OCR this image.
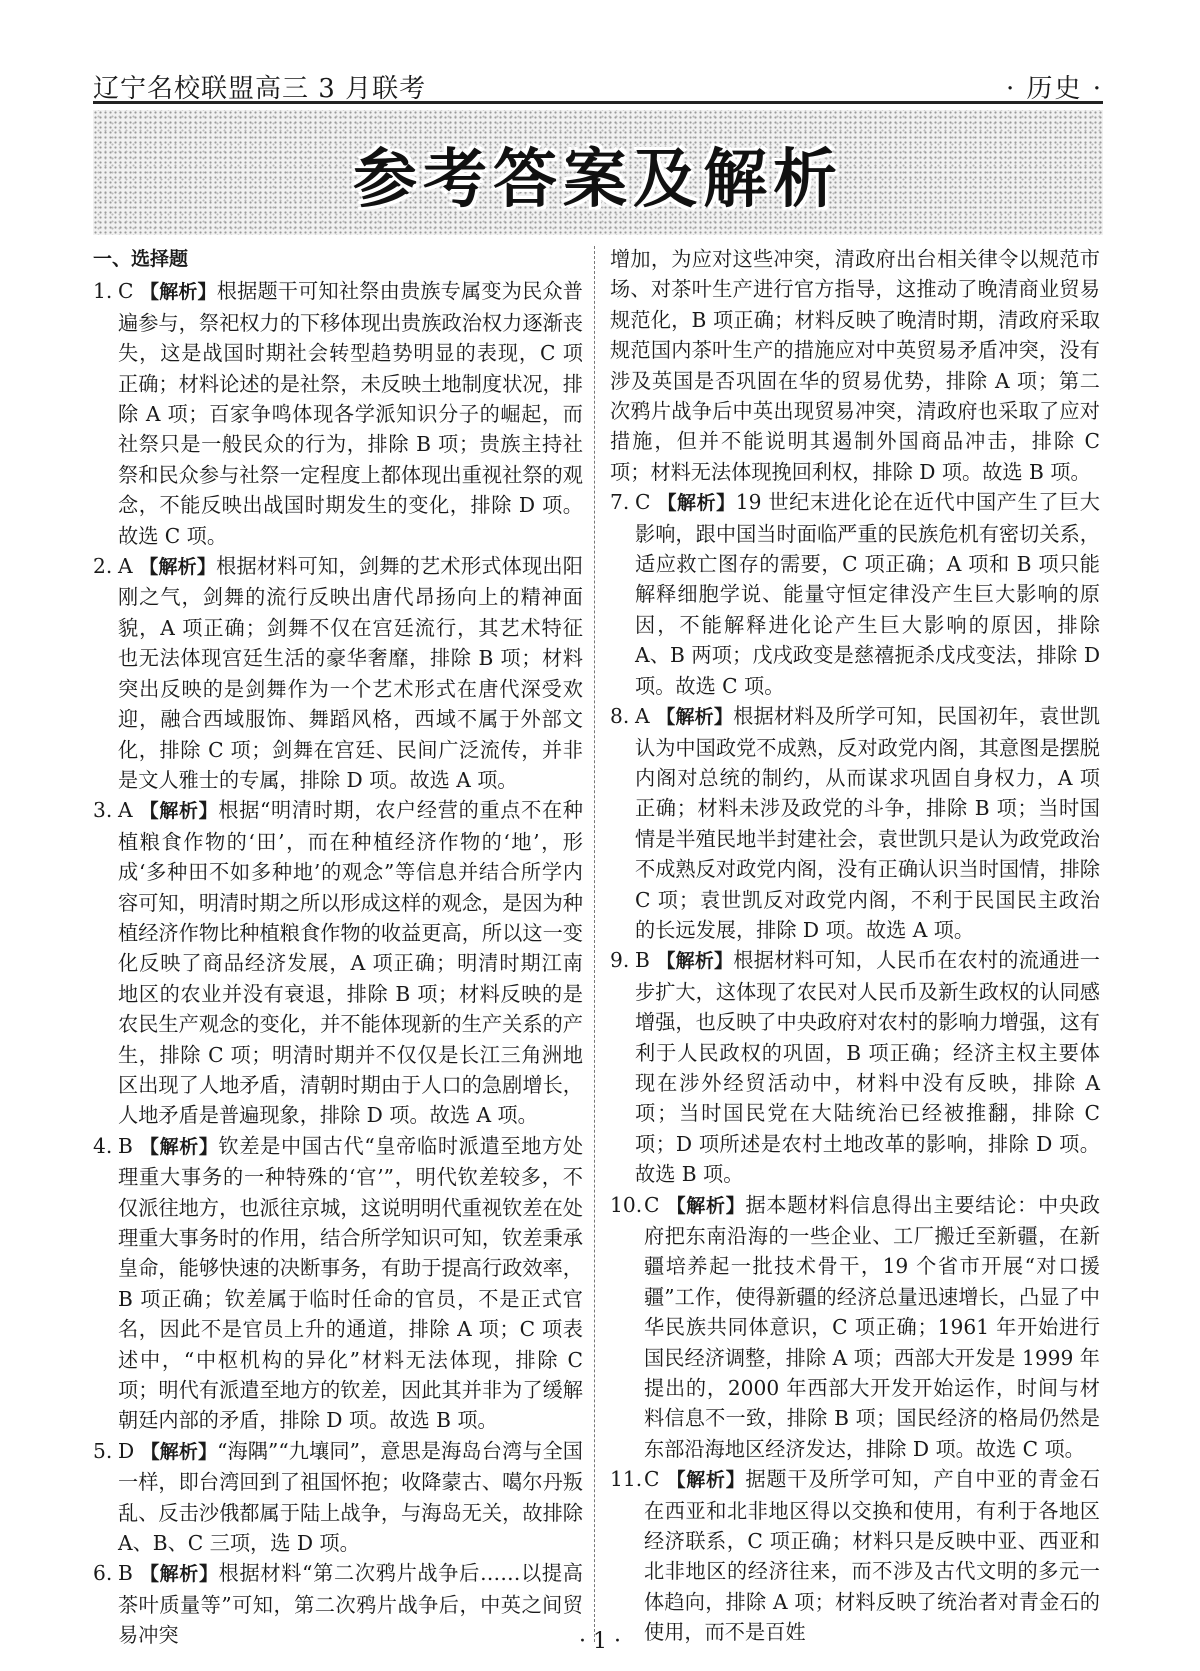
辽宁名校联盟高三 3 月联考	· 历史 ·
参考答案及解析
一、选择题

1. C 【解析】根据题干可知社祭由贵族专属变为民众普遍参与，祭祀权力的下移体现出贵族政治权力逐渐丧失，这是战国时期社会转型趋势明显的表现，C 项正确；材料论述的是社祭，未反映土地制度状况，排除 A 项；百家争鸣体现各学派知识分子的崛起，而社祭只是一般民众的行为，排除 B 项；贵族主持社祭和民众参与社祭一定程度上都体现出重视社祭的观念，不能反映出战国时期发生的变化，排除 D 项。故选 C 项。

2. A 【解析】根据材料可知，剑舞的艺术形式体现出阳刚之气，剑舞的流行反映出唐代昂扬向上的精神面貌，A 项正确；剑舞不仅在宫廷流行，其艺术特征也无法体现宫廷生活的豪华奢靡，排除 B 项；材料突出反映的是剑舞作为一个艺术形式在唐代深受欢迎，融合西域服饰、舞蹈风格，西域不属于外部文化，排除 C 项；剑舞在宫廷、民间广泛流传，并非是文人雅士的专属，排除 D 项。故选 A 项。

3. A 【解析】根据“明清时期，农户经营的重点不在种植粮食作物的‘田’，而在种植经济作物的‘地’，形成‘多种田不如多种地’的观念”等信息并结合所学内容可知，明清时期之所以形成这样的观念，是因为种植经济作物比种植粮食作物的收益更高，所以这一变化反映了商品经济发展，A 项正确；明清时期江南地区的农业并没有衰退，排除 B 项；材料反映的是农民生产观念的变化，并不能体现新的生产关系的产生，排除 C 项；明清时期并不仅仅是长江三角洲地区出现了人地矛盾，清朝时期由于人口的急剧增长，人地矛盾是普遍现象，排除 D 项。故选 A 项。

4. B 【解析】钦差是中国古代“皇帝临时派遣至地方处理重大事务的一种特殊的‘官’”，明代钦差较多，不仅派往地方，也派往京城，这说明明代重视钦差在处理重大事务时的作用，结合所学知识可知，钦差秉承皇命，能够快速的决断事务，有助于提高行政效率，B 项正确；钦差属于临时任命的官员，不是正式官名，因此不是官员上升的通道，排除 A 项；C 项表述中，“中枢机构的异化”材料无法体现，排除 C 项；明代有派遣至地方的钦差，因此其并非为了缓解朝廷内部的矛盾，排除 D 项。故选 B 项。

5. D 【解析】“海隅”“九壤同”，意思是海岛台湾与全国一样，即台湾回到了祖国怀抱；收降蒙古、噶尔丹叛乱、反击沙俄都属于陆上战争，与海岛无关，故排除 A、B、C 三项，选 D 项。

6. B 【解析】根据材料“第二次鸦片战争后……以提高茶叶质量等”可知，第二次鸦片战争后，中英之间贸易冲突

增加，为应对这些冲突，清政府出台相关律令以规范市场、对茶叶生产进行官方指导，这推动了晚清商业贸易规范化，B 项正确；材料反映了晚清时期，清政府采取规范国内茶叶生产的措施应对中英贸易矛盾冲突，没有涉及英国是否巩固在华的贸易优势，排除 A 项；第二次鸦片战争后中英出现贸易冲突，清政府也采取了应对措施，但并不能说明其遏制外国商品冲击，排除 C 项；材料无法体现挽回利权，排除 D 项。故选 B 项。

7. C 【解析】19 世纪末进化论在近代中国产生了巨大影响，跟中国当时面临严重的民族危机有密切关系，适应救亡图存的需要，C 项正确；A 项和 B 项只能解释细胞学说、能量守恒定律没产生巨大影响的原因，不能解释进化论产生巨大影响的原因，排除 A、B 两项；戊戌政变是慈禧扼杀戊戌变法，排除 D 项。故选 C 项。

8. A 【解析】根据材料及所学可知，民国初年，袁世凯认为中国政党不成熟，反对政党内阁，其意图是摆脱内阁对总统的制约，从而谋求巩固自身权力，A 项正确；材料未涉及政党的斗争，排除 B 项；当时国情是半殖民地半封建社会，袁世凯只是认为政党政治不成熟反对政党内阁，没有正确认识当时国情，排除 C 项；袁世凯反对政党内阁，不利于民国民主政治的长远发展，排除 D 项。故选 A 项。

9. B 【解析】根据材料可知，人民币在农村的流通进一步扩大，这体现了农民对人民币及新生政权的认同感增强，也反映了中央政府对农村的影响力增强，这有利于人民政权的巩固，B 项正确；经济主权主要体现在涉外经贸活动中，材料中没有反映，排除 A 项；当时国民党在大陆统治已经被推翻，排除 C 项；D 项所述是农村土地改革的影响，排除 D 项。故选 B 项。

10. C 【解析】据本题材料信息得出主要结论：中央政府把东南沿海的一些企业、工厂搬迁至新疆，在新疆培养起一批技术骨干，19 个省市开展“对口援疆”工作，使得新疆的经济总量迅速增长，凸显了中华民族共同体意识，C 项正确；1961 年开始进行国民经济调整，排除 A 项；西部大开发是 1999 年提出的，2000 年西部大开发开始运作，时间与材料信息不一致，排除 B 项；国民经济的格局仍然是东部沿海地区经济发达，排除 D 项。故选 C 项。

11. C 【解析】据题干及所学可知，产自中亚的青金石在西亚和北非地区得以交换和使用，有利于各地区经济联系，C 项正确；材料只是反映中亚、西亚和北非地区的经济往来，而不涉及古代文明的多元一体趋向，排除 A 项；材料反映了统治者对青金石的使用，而不是百姓

· 1 ·
